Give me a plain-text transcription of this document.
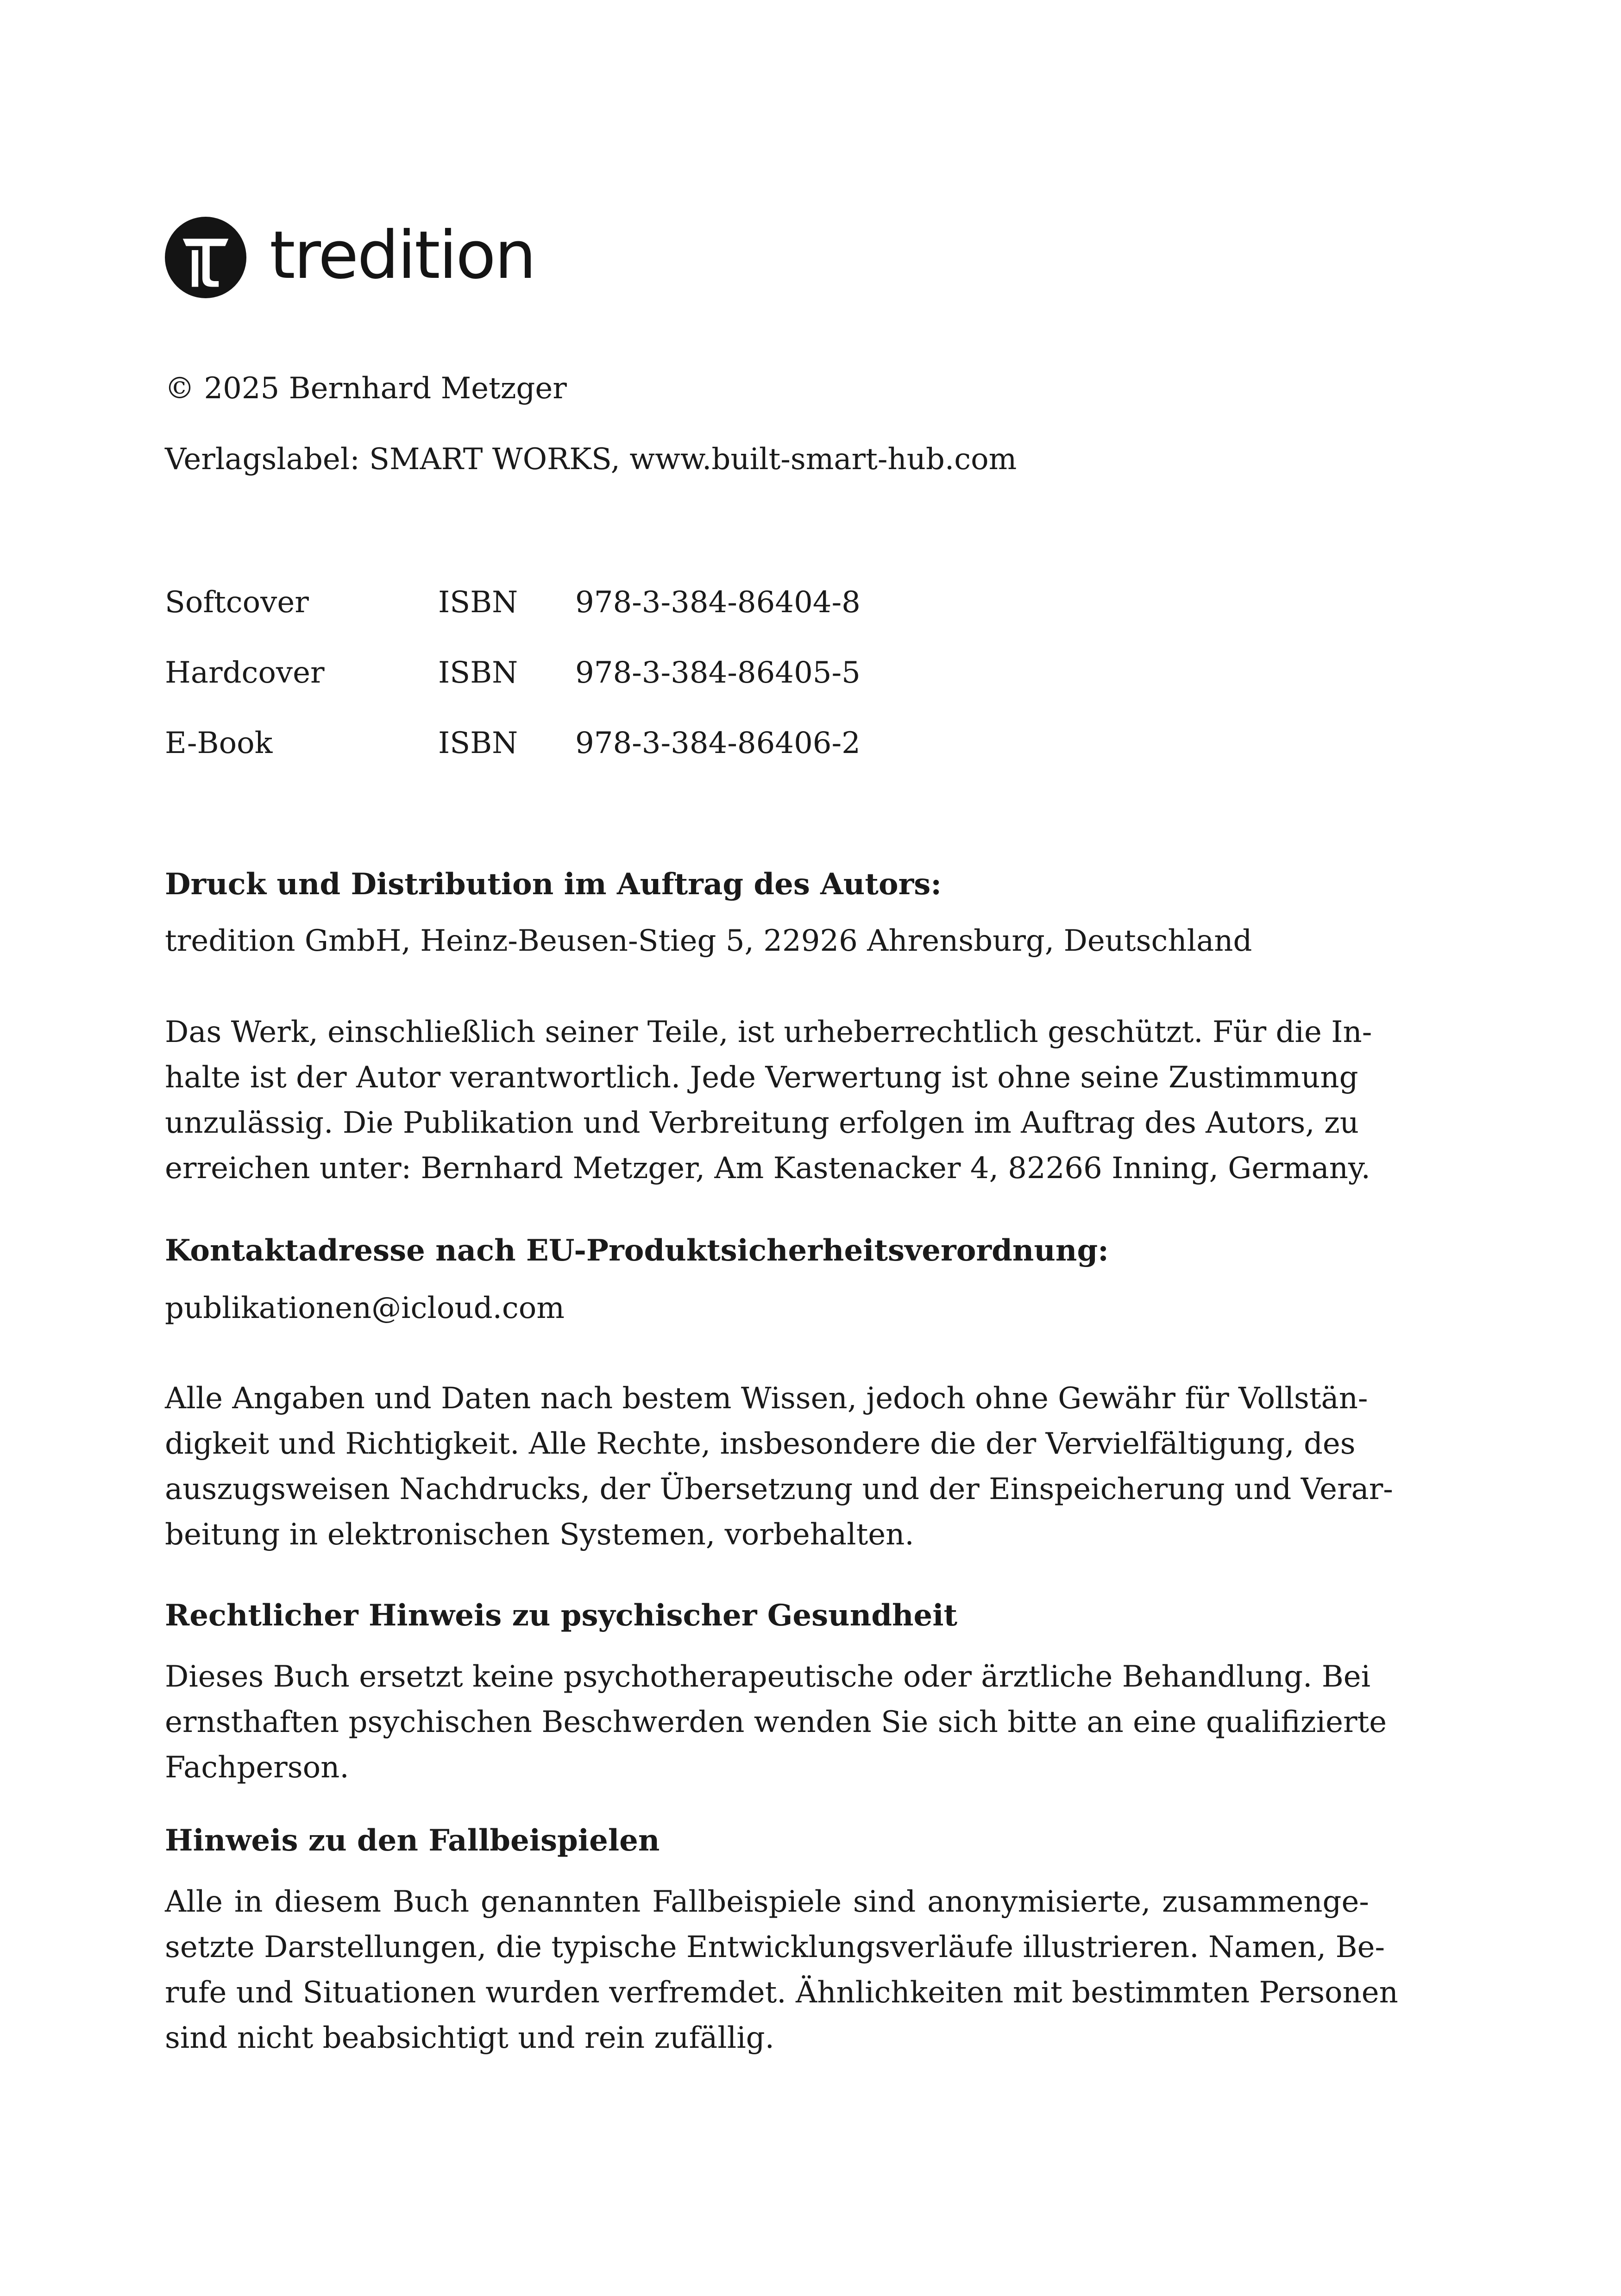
tredition
© 2025 Bernhard Metzger
Verlagslabel: SMART WORKS, www.built-smart-hub.com
Softcover	ISBN 978-3-384-86404-8
Hardcover	ISBN 978-3-384-86405-5
E-Book	ISBN 978-3-384-86406-2
Druck und Distribution im Auftrag des Autors:
tredition GmbH, Heinz-Beusen-Stieg 5, 22926 Ahrensburg, Deutschland
Das Werk, einschließlich seiner Teile, ist urheberrechtlich geschützt. Für die In-
halte ist der Autor verantwortlich. Jede Verwertung ist ohne seine Zustimmung
unzulässig. Die Publikation und Verbreitung erfolgen im Auftrag des Autors, zu
erreichen unter: Bernhard Metzger, Am Kastenacker 4, 82266 Inning, Germany.
Kontaktadresse nach EU-Produktsicherheitsverordnung:
publikationen@icloud.com
Alle Angaben und Daten nach bestem Wissen, jedoch ohne Gewähr für Vollstän-
digkeit und Richtigkeit. Alle Rechte, insbesondere die der Vervielfältigung, des
auszugsweisen Nachdrucks, der Übersetzung und der Einspeicherung und Verar-
beitung in elektronischen Systemen, vorbehalten.
Rechtlicher Hinweis zu psychischer Gesundheit
Dieses Buch ersetzt keine psychotherapeutische oder ärztliche Behandlung. Bei
ernsthaften psychischen Beschwerden wenden Sie sich bitte an eine qualifizierte
Fachperson.
Hinweis zu den Fallbeispielen
Alle in diesem Buch genannten Fallbeispiele sind anonymisierte, zusammenge-
setzte Darstellungen, die typische Entwicklungsverläufe illustrieren. Namen, Be-
rufe und Situationen wurden verfremdet. Ähnlichkeiten mit bestimmten Personen
sind nicht beabsichtigt und rein zufällig.
